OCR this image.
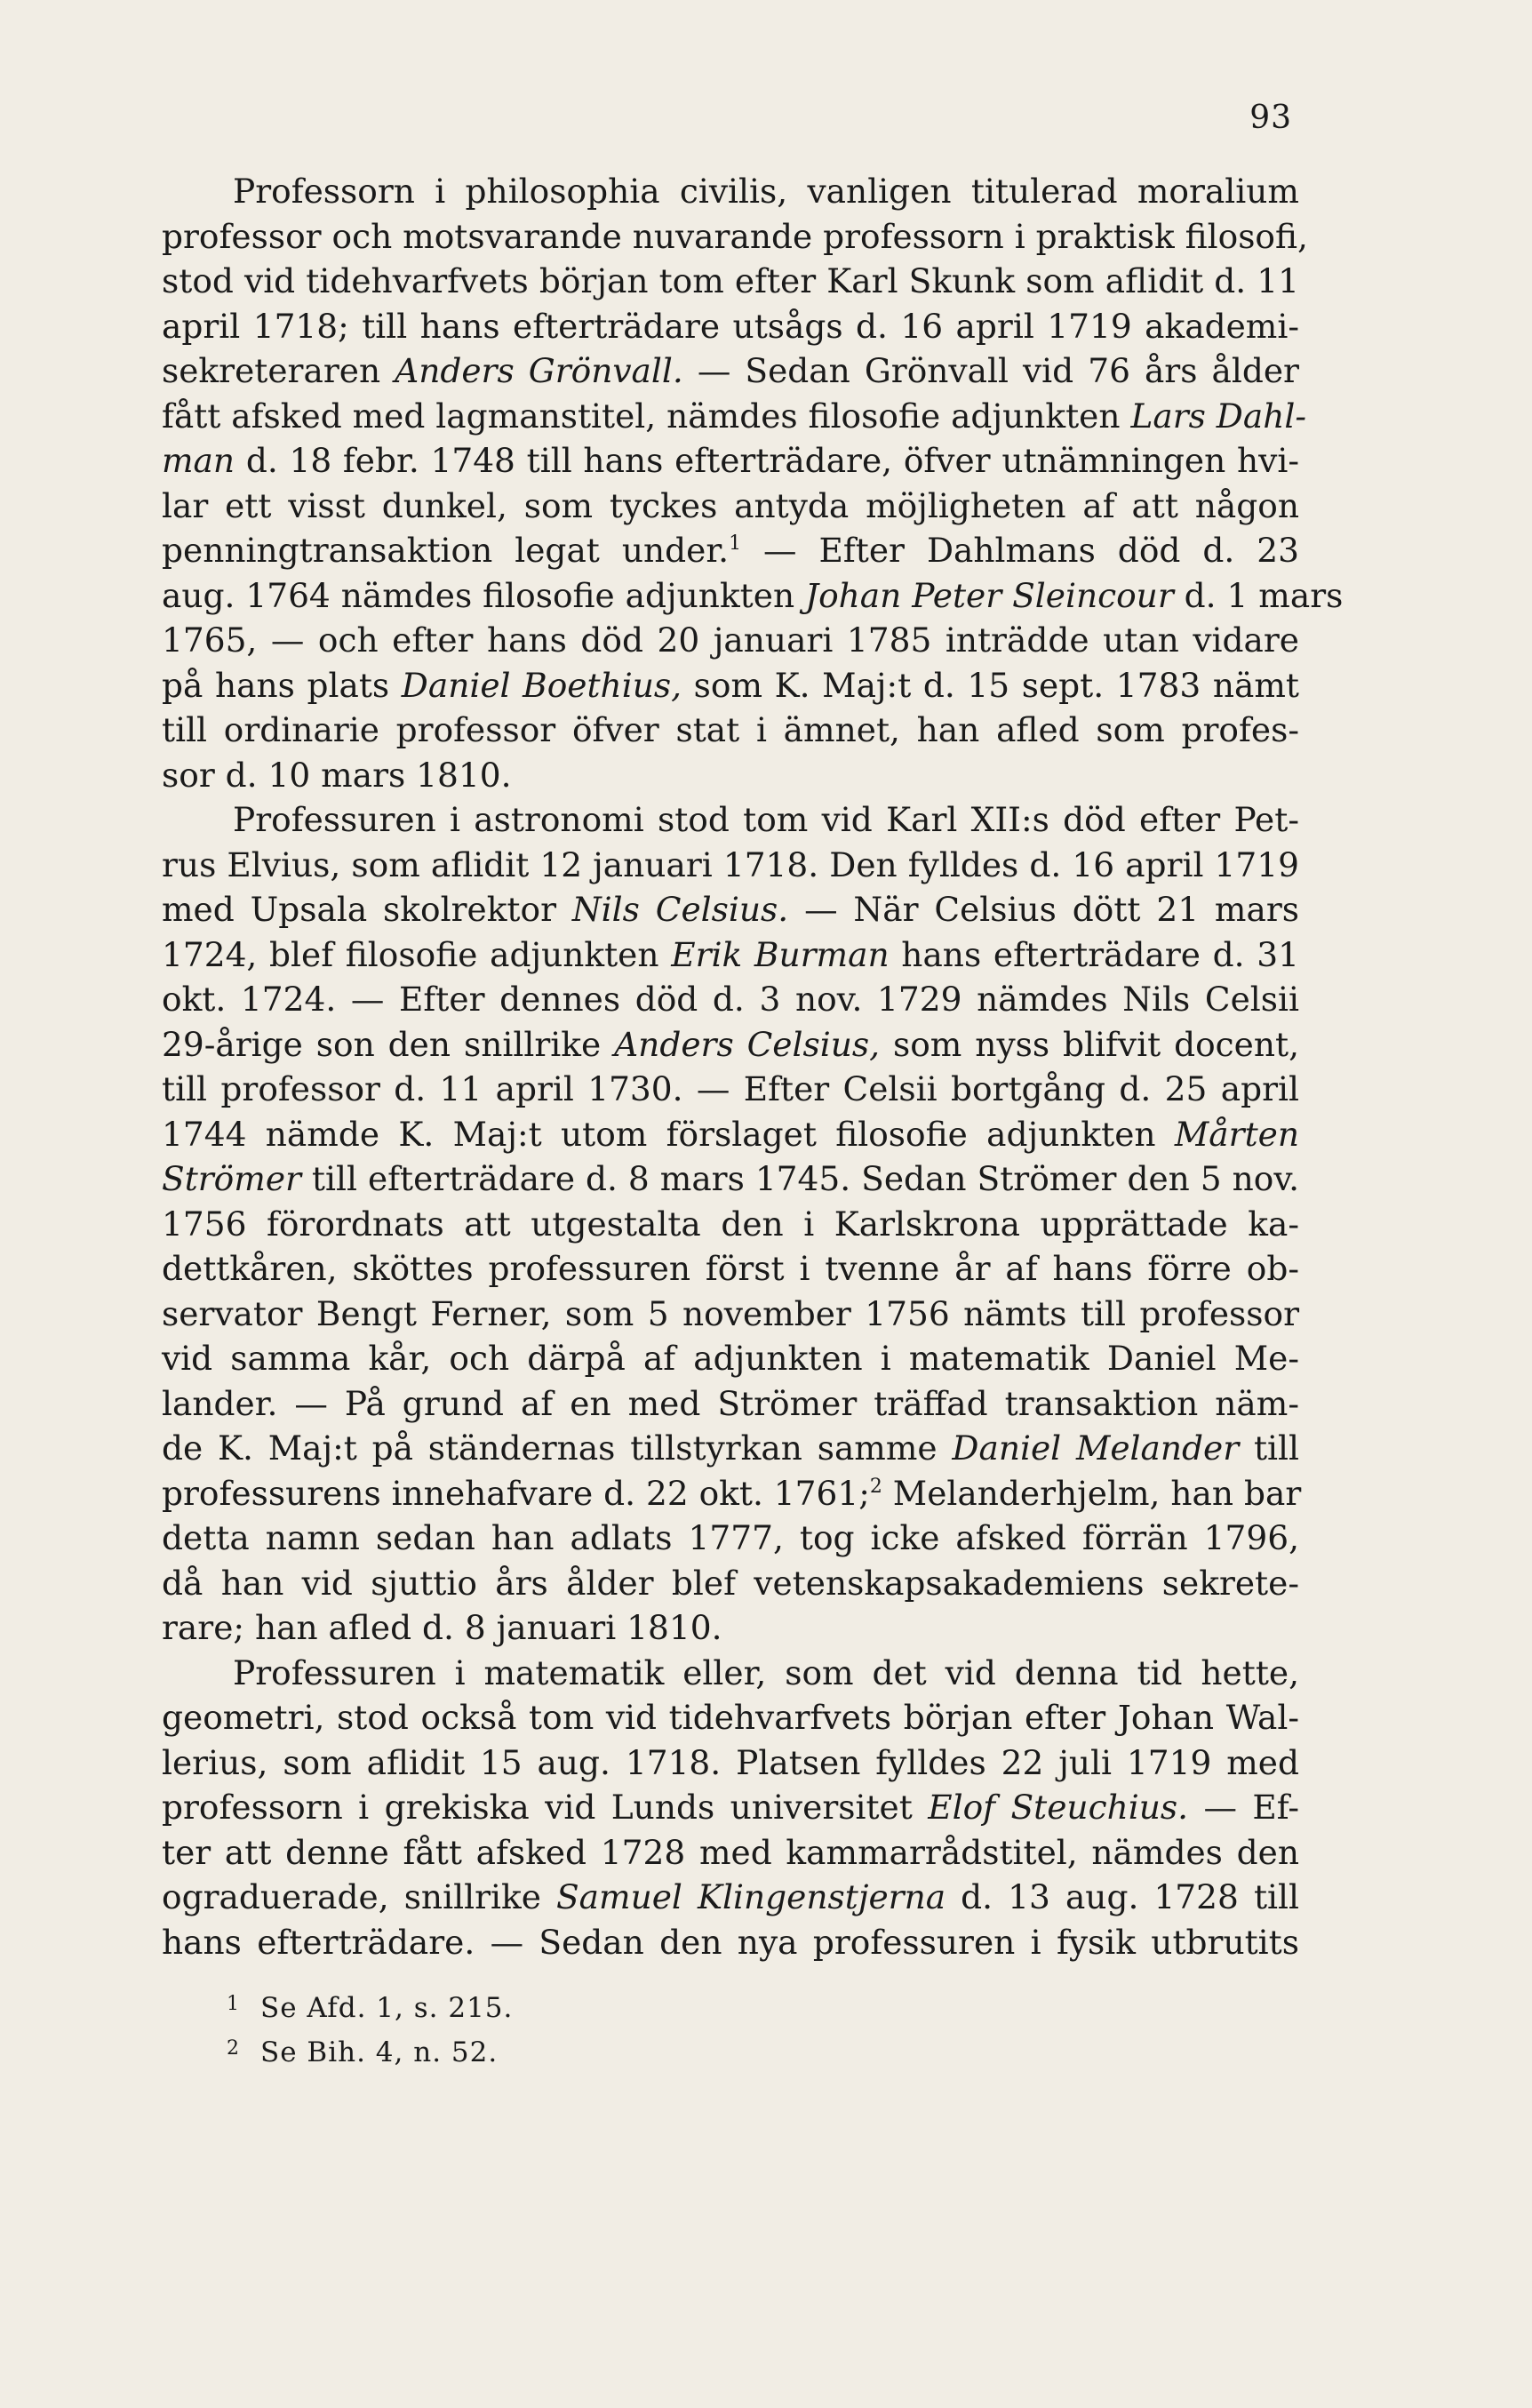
93
Professorn i philosophia civilis, vanligen titulerad moralium
professor och motsvarande nuvarande professorn i praktisk filosofi,
stod vid tidehvarfvets början tom efter Karl Skunk som aflidit d. 11
april 1718; till hans efterträdare utsågs d. 16 april 1719 akademi-
sekreteraren Anders Grönvall. — Sedan Grönvall vid 76 års ålder
fått afsked med lagmanstitel, nämdes filosofie adjunkten Lars Dahl-
man d. 18 febr. 1748 till hans efterträdare, öfver utnämningen hvi-
lar ett visst dunkel, som tyckes antyda möjligheten af att någon
penningtransaktion legat under.$^1$ — Efter Dahlmans död d. 23
aug. 1764 nämdes filosofie adjunkten Johan Peter Sleincour d. 1 mars
1765, — och efter hans död 20 januari 1785 inträdde utan vidare
på hans plats Daniel Boethius, som K. Maj:t d. 15 sept. 1783 nämt
till ordinarie professor öfver stat i ämnet, han afled som profes-
sor d. 10 mars 1810.
Professuren i astronomi stod tom vid Karl XII:s död efter Pet-
rus Elvius, som aflidit 12 januari 1718. Den fylldes d. 16 april 1719
med Upsala skolrektor Nils Celsius. — När Celsius dött 21 mars
1724, blef filosofie adjunkten Erik Burman hans efterträdare d. 31
okt. 1724. — Efter dennes död d. 3 nov. 1729 nämdes Nils Celsii
29-årige son den snillrike Anders Celsius, som nyss blifvit docent,
till professor d. 11 april 1730. — Efter Celsii bortgång d. 25 april
1744 nämde K. Maj:t utom förslaget filosofie adjunkten Mårten
Strömer till efterträdare d. 8 mars 1745. Sedan Strömer den 5 nov.
1756 förordnats att utgestalta den i Karlskrona upprättade ka-
dettkåren, sköttes professuren först i tvenne år af hans förre ob-
servator Bengt Ferner, som 5 november 1756 nämts till professor
vid samma kår, och därpå af adjunkten i matematik Daniel Me-
lander. — På grund af en med Strömer träffad transaktion näm-
de K. Maj:t på ständernas tillstyrkan samme Daniel Melander till
professurens innehafvare d. 22 okt. 1761;$^2$ Melanderhjelm, han bar
detta namn sedan han adlats 1777, tog icke afsked förrän 1796,
då han vid sjuttio års ålder blef vetenskapsakademiens sekrete-
rare; han afled d. 8 januari 1810.
Professuren i matematik eller, som det vid denna tid hette,
geometri, stod också tom vid tidehvarfvets början efter Johan Wal-
lerius, som aflidit 15 aug. 1718. Platsen fylldes 22 juli 1719 med
professorn i grekiska vid Lunds universitet Elof Steuchius. — Ef-
ter att denne fått afsked 1728 med kammarrådstitel, nämdes den
ograduerade, snillrike Samuel Klingenstjerna d. 13 aug. 1728 till
hans efterträdare. — Sedan den nya professuren i fysik utbrutits
1 Se Afd. 1, s. 215.
2 Se Bih. 4, n. 52.
